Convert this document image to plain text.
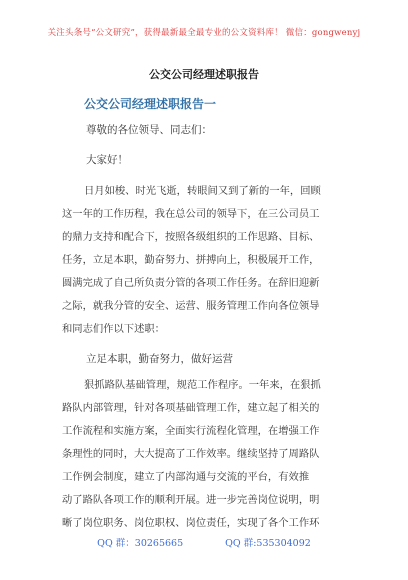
关注头条号“公文研究”，获得最新最全最专业的公文资料库！ 微信：gongwenyj
公交公司经理述职报告
公交公司经理述职报告一
尊敬的各位领导、同志们：
大家好！
日月如梭、时光飞逝，转眼间又到了新的一年，回顾
这一年的工作历程，我在总公司的领导下，在三公司员工
的鼎力支持和配合下，按照各级组织的工作思路、目标、
任务，立足本职，勤奋努力、拼搏向上，积极展开工作，
圆满完成了自己所负责分管的各项工作任务。在辞旧迎新
之际，就我分管的安全、运营、服务管理工作向各位领导
和同志们作以下述职：
立足本职，勤奋努力，做好运营
狠抓路队基础管理，规范工作程序。一年来，在狠抓
路队内部管理，针对各项基础管理工作，建立起了相关的
工作流程和实施方案，全面实行流程化管理，在增强工作
条理性的同时，大大提高了工作效率。继续坚持了周路队
工作例会制度，建立了内部沟通与交流的平台，有效推
动了路队各项工作的顺利开展。进一步完善岗位说明，明
晰了岗位职务、岗位职权、岗位责任，实现了各个工作环
QQ 群：30265665	QQ 群:535304092
